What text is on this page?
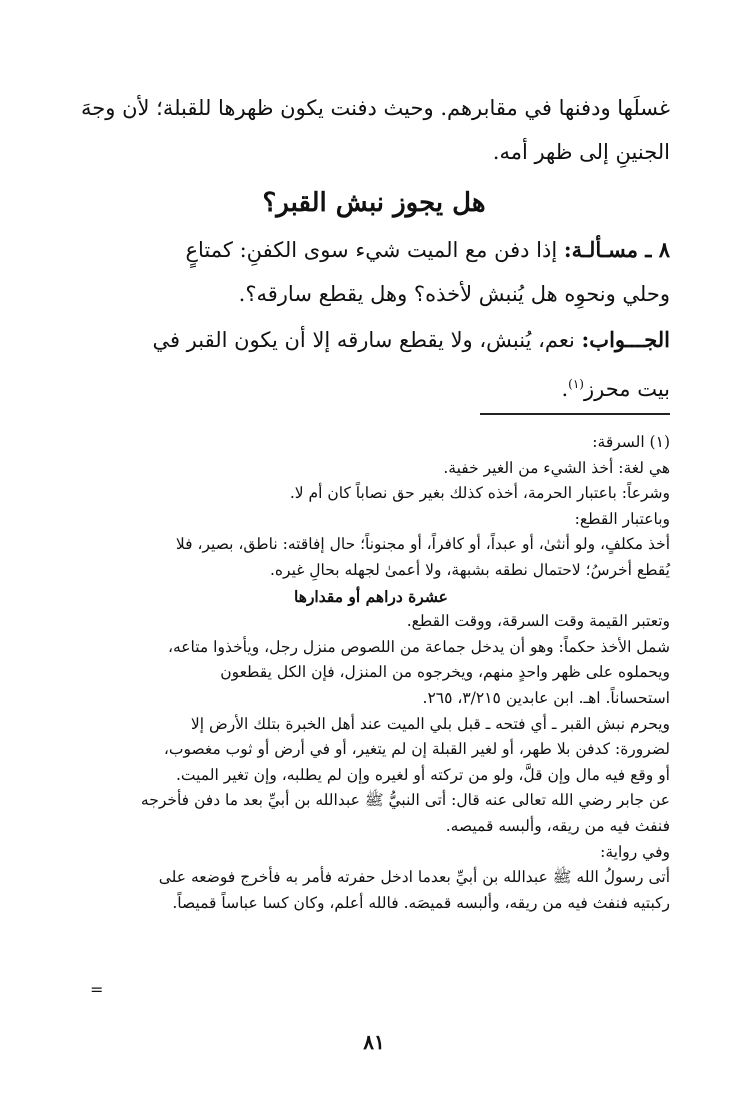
غسلَها ودفنها في مقابرهم. وحيث دفنت يكون ظهرها للقبلة؛ لأن وجهَ
الجنينِ إلى ظهر أمه.
هل يجوز نبش القبر؟
٨ ـ مسـألـة: إذا دفن مع الميت شيء سوى الكفنِ: كمتاعٍ
وحلي ونحوِه هل يُنبش لأخذه؟ وهل يقطع سارقه؟.
الجـــواب: نعم، يُنبش، ولا يقطع سارقه إلا أن يكون القبر في
بيت محرز$^{(١)}$.
(١) السرقة:
هي لغة: أخذ الشيء من الغير خفية.
وشرعاً: باعتبار الحرمة، أخذه كذلك بغير حق نصاباً كان أم لا.
وباعتبار القطع:
أخذ مكلفٍ، ولو أنثىٰ، أو عبداً، أو كافراً، أو مجنوناً؛ حال إفاقته: ناطق، بصير، فلا
يُقطع أخرسُ؛ لاحتمال نطقه بشبهة، ولا أعمىٰ لجهله بحالِ غيره.
عشرة دراهم أو مقدارها
وتعتبر القيمة وقت السرقة، ووقت القطع.
شمل الأخذ حكماً: وهو أن يدخل جماعة من اللصوص منزل رجل، ويأخذوا متاعه،
ويحملوه على ظهر واحدٍ منهم، ويخرجوه من المنزل، فإن الكل يقطعون
استحساناً. اهـ. ابن عابدين ٣/٢١٥، ٢٦٥.
ويحرم نبش القبر ـ أي فتحه ـ قبل بلي الميت عند أهل الخبرة بتلك الأرض إلا
لضرورة: كدفن بلا طهر، أو لغير القبلة إن لم يتغير، أو في أرض أو ثوب مغصوب،
أو وقع فيه مال وإن قلَّ، ولو من تركته أو لغيره وإن لم يطلبه، وإن تغير الميت.
عن جابر رضي الله تعالى عنه قال: أتى النبيُّ ﷺ عبدالله بن أبيِّ بعد ما دفن فأخرجه
فنفث فيه من ريقه، وألبسه قميصه.
وفي رواية:
أتى رسولُ الله ﷺ عبدالله بن أبيِّ بعدما ادخل حفرته فأمر به فأخرج فوضعه على
ركبتيه فنفث فيه من ريقه، وألبسه قميصَه. فالله أعلم، وكان كسا عباساً قميصاً.
=
٨١
